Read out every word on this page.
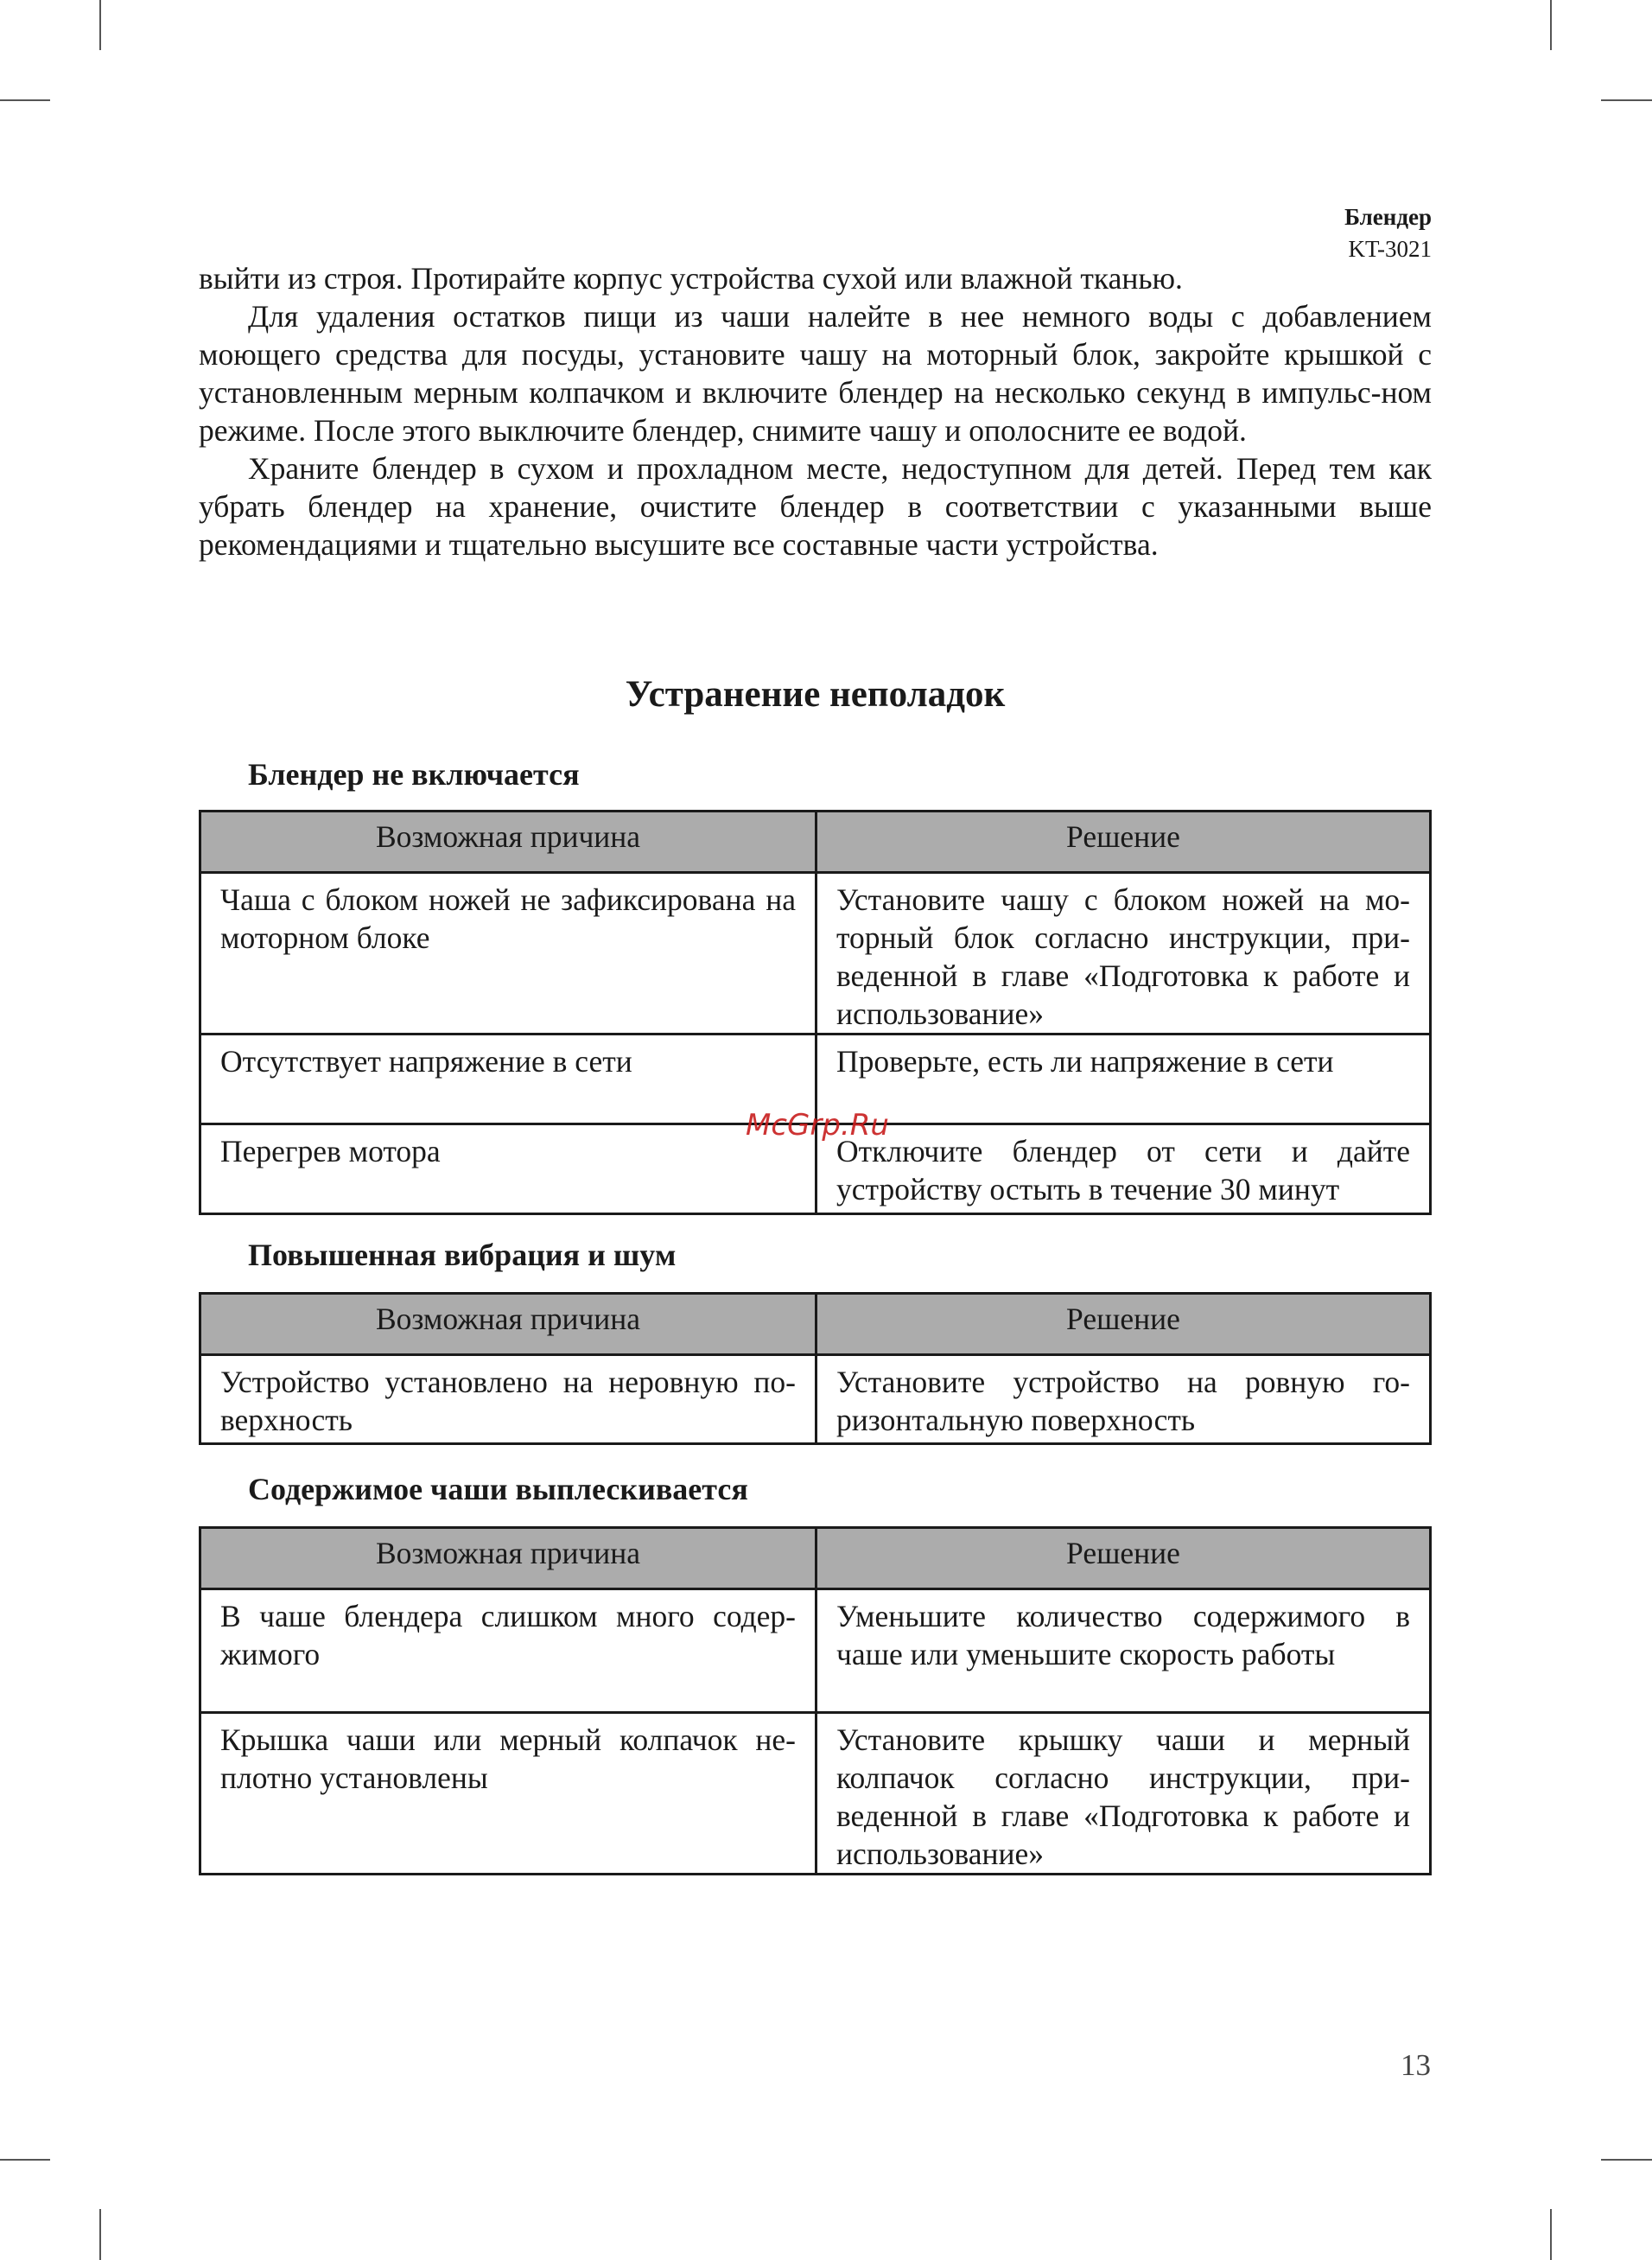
Блендер
KT-3021

выйти из строя. Протирайте корпус устройства сухой или влажной тканью.

Для удаления остатков пищи из чаши налейте в нее немного воды с добавлением моющего средства для посуды, установите чашу на моторный блок, закройте крышкой с установленным мерным колпачком и включите блендер на несколько секунд в импульс-ном режиме. После этого выключите блендер, снимите чашу и ополосните ее водой.

Храните блендер в сухом и прохладном месте, недоступном для детей. Перед тем как убрать блендер на хранение, очистите блендер в соответствии с указанными выше рекомендациями и тщательно высушите все составные части устройства.

Устранение неполадок
Блендер не включается
Возможная причина	Решение
Чаша с блоком ножей не зафиксирована на моторном блоке	Установите чашу с блоком ножей на мо-торный блок согласно инструкции, при-веденной в главе «Подготовка к работе и использование»
Отсутствует напряжение в сети	Проверьте, есть ли напряжение в сети
Перегрев мотора	Отключите блендер от сети и дайте устройству остыть в течение 30 минут
Повышенная вибрация и шум
Возможная причина	Решение
Устройство установлено на неровную по-верхность	Установите устройство на ровную го-ризонтальную поверхность
Содержимое чаши выплескивается
Возможная причина	Решение
В чаше блендера слишком много содер-жимого	Уменьшите количество содержимого в чаше или уменьшите скорость работы
Крышка чаши или мерный колпачок не-плотно установлены	Установите крышку чаши и мерный колпачок согласно инструкции, при-веденной в главе «Подготовка к работе и использование»
McGrp.Ru
13
